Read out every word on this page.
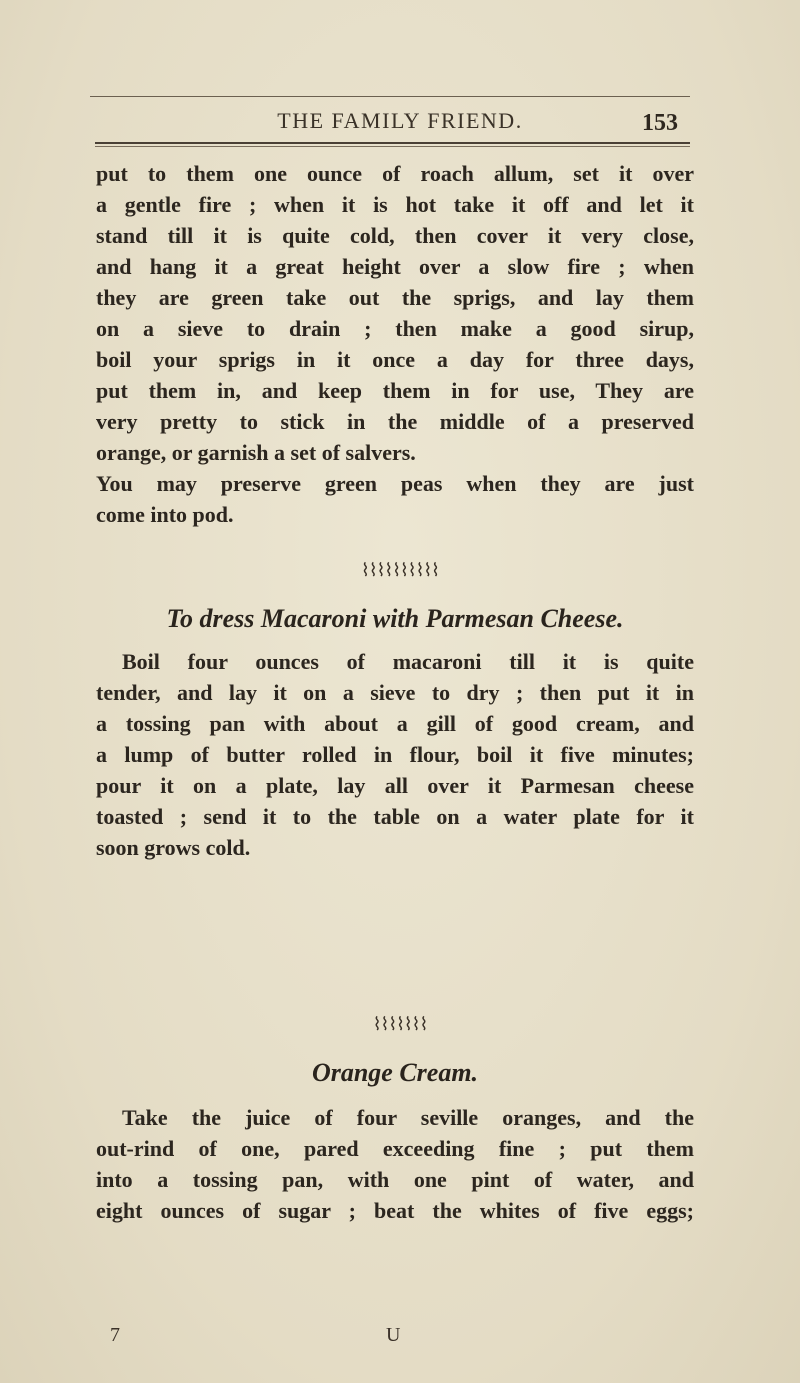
THE FAMILY FRIEND.	153
put to them one ounce of roach allum, set it over
a gentle fire ; when it is hot take it off and let it
stand till it is quite cold, then cover it very close,
and hang it a great height over a slow fire ; when
they are green take out the sprigs, and lay them
on a sieve to drain ; then make a good sirup,
boil your sprigs in it once a day for three days,
put them in, and keep them in for use, They are
very pretty to stick in the middle of a preserved
orange, or garnish a set of salvers.
You may preserve green peas when they are just
come into pod.
⌇⌇⌇⌇⌇⌇⌇⌇⌇⌇
To dress Macaroni with Parmesan Cheese.
Boil four ounces of macaroni till it is quite
tender, and lay it on a sieve to dry ; then put it in
a tossing pan with about a gill of good cream, and
a lump of butter rolled in flour, boil it five minutes;
pour it on a plate, lay all over it Parmesan cheese
toasted ; send it to the table on a water plate for it
soon grows cold.
⌇⌇⌇⌇⌇⌇⌇
Orange Cream.
Take the juice of four seville oranges, and the
out-rind of one, pared exceeding fine ; put them
into a tossing pan, with one pint of water, and
eight ounces of sugar ; beat the whites of five eggs;
7	U
